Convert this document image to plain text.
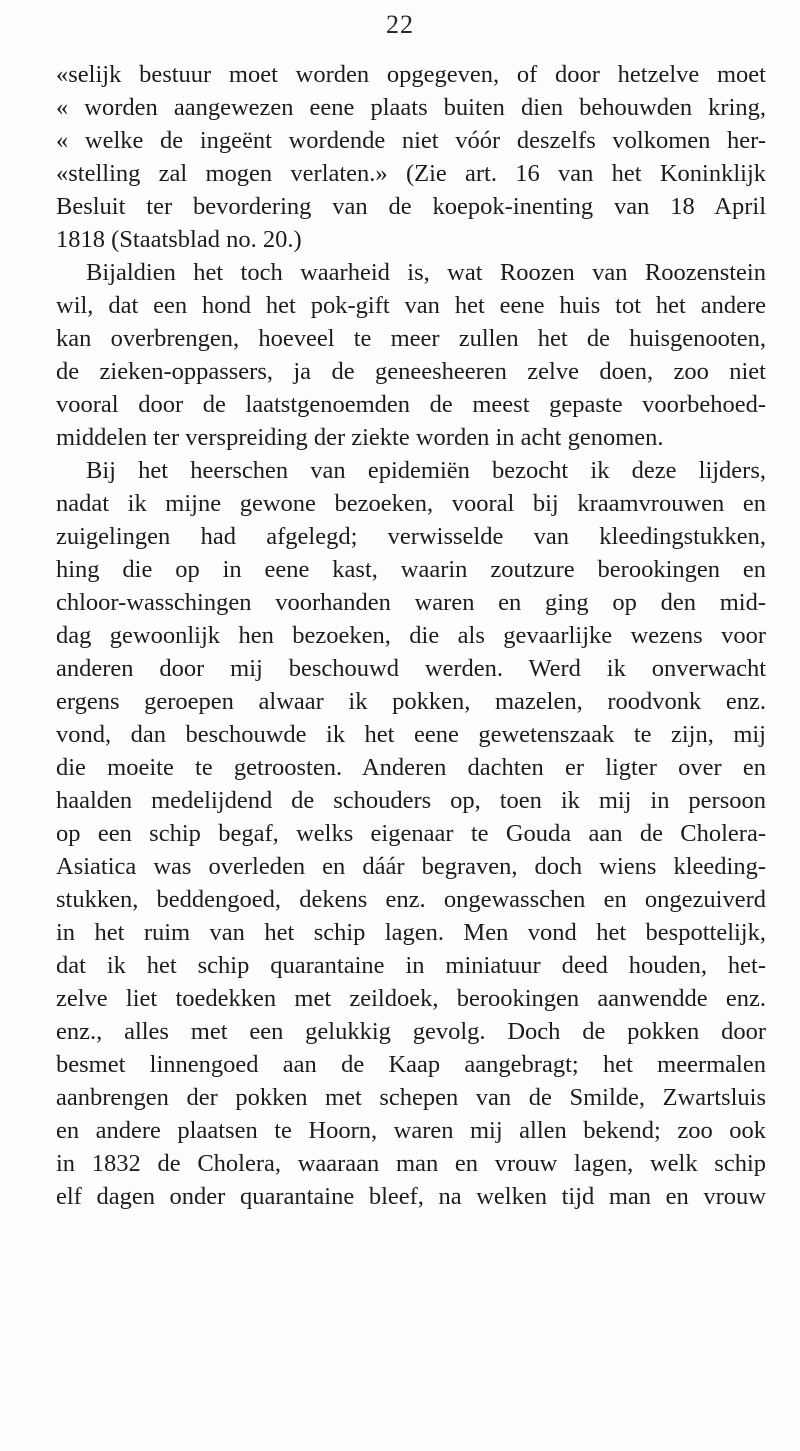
22
«selijk bestuur moet worden opgegeven, of door hetzelve moet
« worden aangewezen eene plaats buiten dien behouwden kring,
« welke de ingeënt wordende niet vóór deszelfs volkomen her-
«stelling zal mogen verlaten.» (Zie art. 16 van het Koninklijk
Besluit ter bevordering van de koepok-inenting van 18 April
1818 (Staatsblad no. 20.)
Bijaldien het toch waarheid is, wat Roozen van Roozenstein
wil, dat een hond het pok-gift van het eene huis tot het andere
kan overbrengen, hoeveel te meer zullen het de huisgenooten,
de zieken-oppassers, ja de geneesheeren zelve doen, zoo niet
vooral door de laatstgenoemden de meest gepaste voorbehoed-
middelen ter verspreiding der ziekte worden in acht genomen.
Bij het heerschen van epidemiën bezocht ik deze lijders,
nadat ik mijne gewone bezoeken, vooral bij kraamvrouwen en
zuigelingen had afgelegd; verwisselde van kleedingstukken,
hing die op in eene kast, waarin zoutzure berookingen en
chloor-wasschingen voorhanden waren en ging op den mid-
dag gewoonlijk hen bezoeken, die als gevaarlijke wezens voor
anderen door mij beschouwd werden. Werd ik onverwacht
ergens geroepen alwaar ik pokken, mazelen, roodvonk enz.
vond, dan beschouwde ik het eene gewetenszaak te zijn, mij
die moeite te getroosten. Anderen dachten er ligter over en
haalden medelijdend de schouders op, toen ik mij in persoon
op een schip begaf, welks eigenaar te Gouda aan de Cholera-
Asiatica was overleden en dáár begraven, doch wiens kleeding-
stukken, beddengoed, dekens enz. ongewasschen en ongezuiverd
in het ruim van het schip lagen. Men vond het bespottelijk,
dat ik het schip quarantaine in miniatuur deed houden, het-
zelve liet toedekken met zeildoek, berookingen aanwendde enz.
enz., alles met een gelukkig gevolg. Doch de pokken door
besmet linnengoed aan de Kaap aangebragt; het meermalen
aanbrengen der pokken met schepen van de Smilde, Zwartsluis
en andere plaatsen te Hoorn, waren mij allen bekend; zoo ook
in 1832 de Cholera, waaraan man en vrouw lagen, welk schip
elf dagen onder quarantaine bleef, na welken tijd man en vrouw
